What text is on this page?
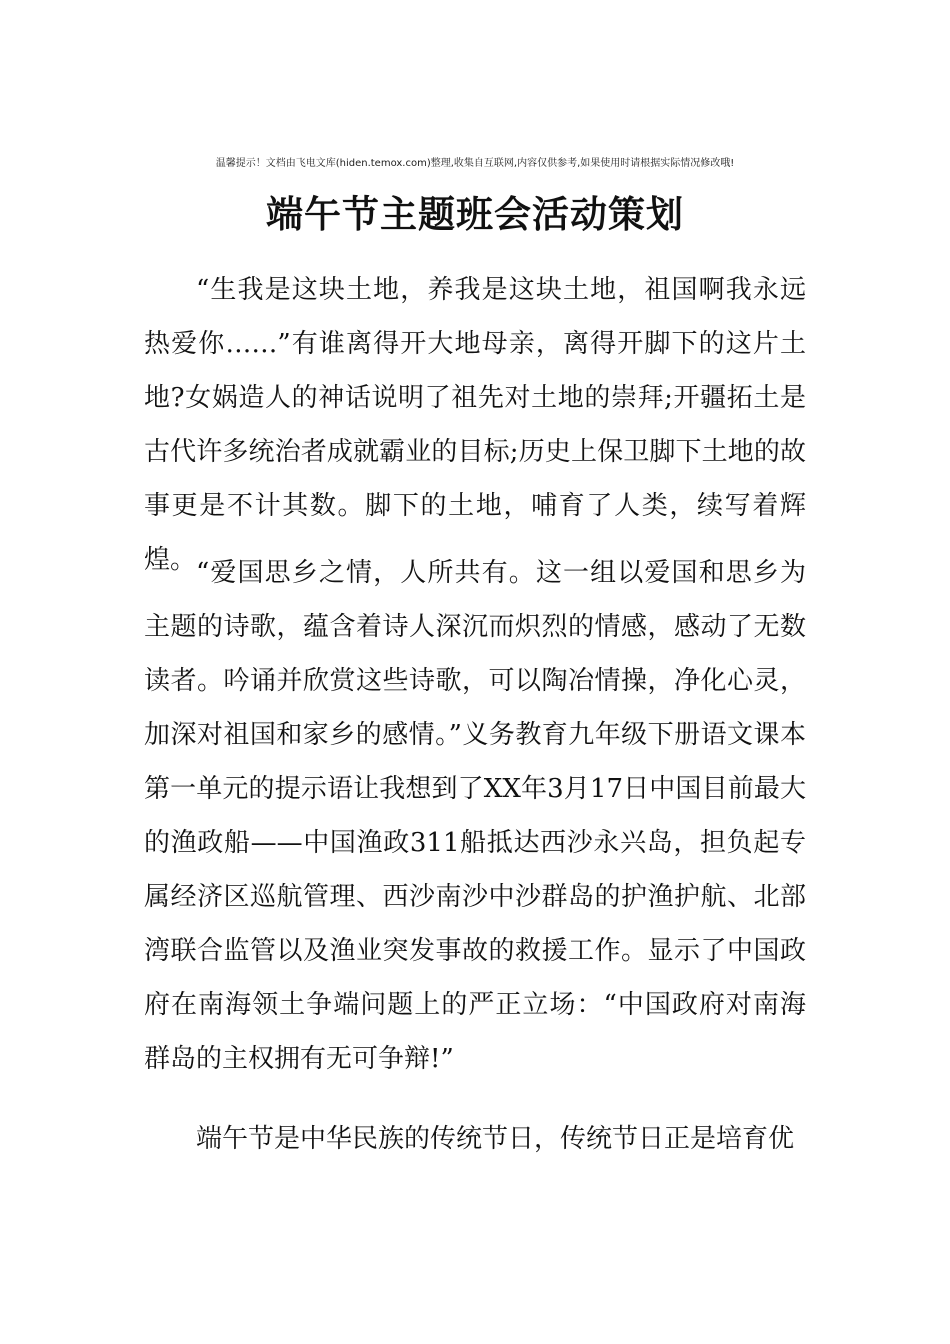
温馨提示！文档由飞电文库(hiden.temox.com)整理,收集自互联网,内容仅供参考,如果使用时请根据实际情况修改哦!
端午节主题班会活动策划

“生我是这块土地，养我是这块土地，祖国啊我永远热爱你……”有谁离得开大地母亲，离得开脚下的这片土地?女娲造人的神话说明了祖先对土地的崇拜;开疆拓土是古代许多统治者成就霸业的目标;历史上保卫脚下土地的故事更是不计其数。脚下的土地，哺育了人类，续写着辉煌。 “爱国思乡之情，人所共有。这一组以爱国和思乡为主题的诗歌，蕴含着诗人深沉而炽烈的情感，感动了无数读者。吟诵并欣赏这些诗歌，可以陶冶情操，净化心灵，加深对祖国和家乡的感情。”义务教育九年级下册语文课本第一单元的提示语让我想到了XX年3月17日中国目前最大的渔政船——中国渔政311船抵达西沙永兴岛，担负起专属经济区巡航管理、西沙南沙中沙群岛的护渔护航、北部湾联合监管以及渔业突发事故的救援工作。显示了中国政府在南海领土争端问题上的严正立场：“中国政府对南海群岛的主权拥有无可争辩!”

端午节是中华民族的传统节日，传统节日正是培育优
